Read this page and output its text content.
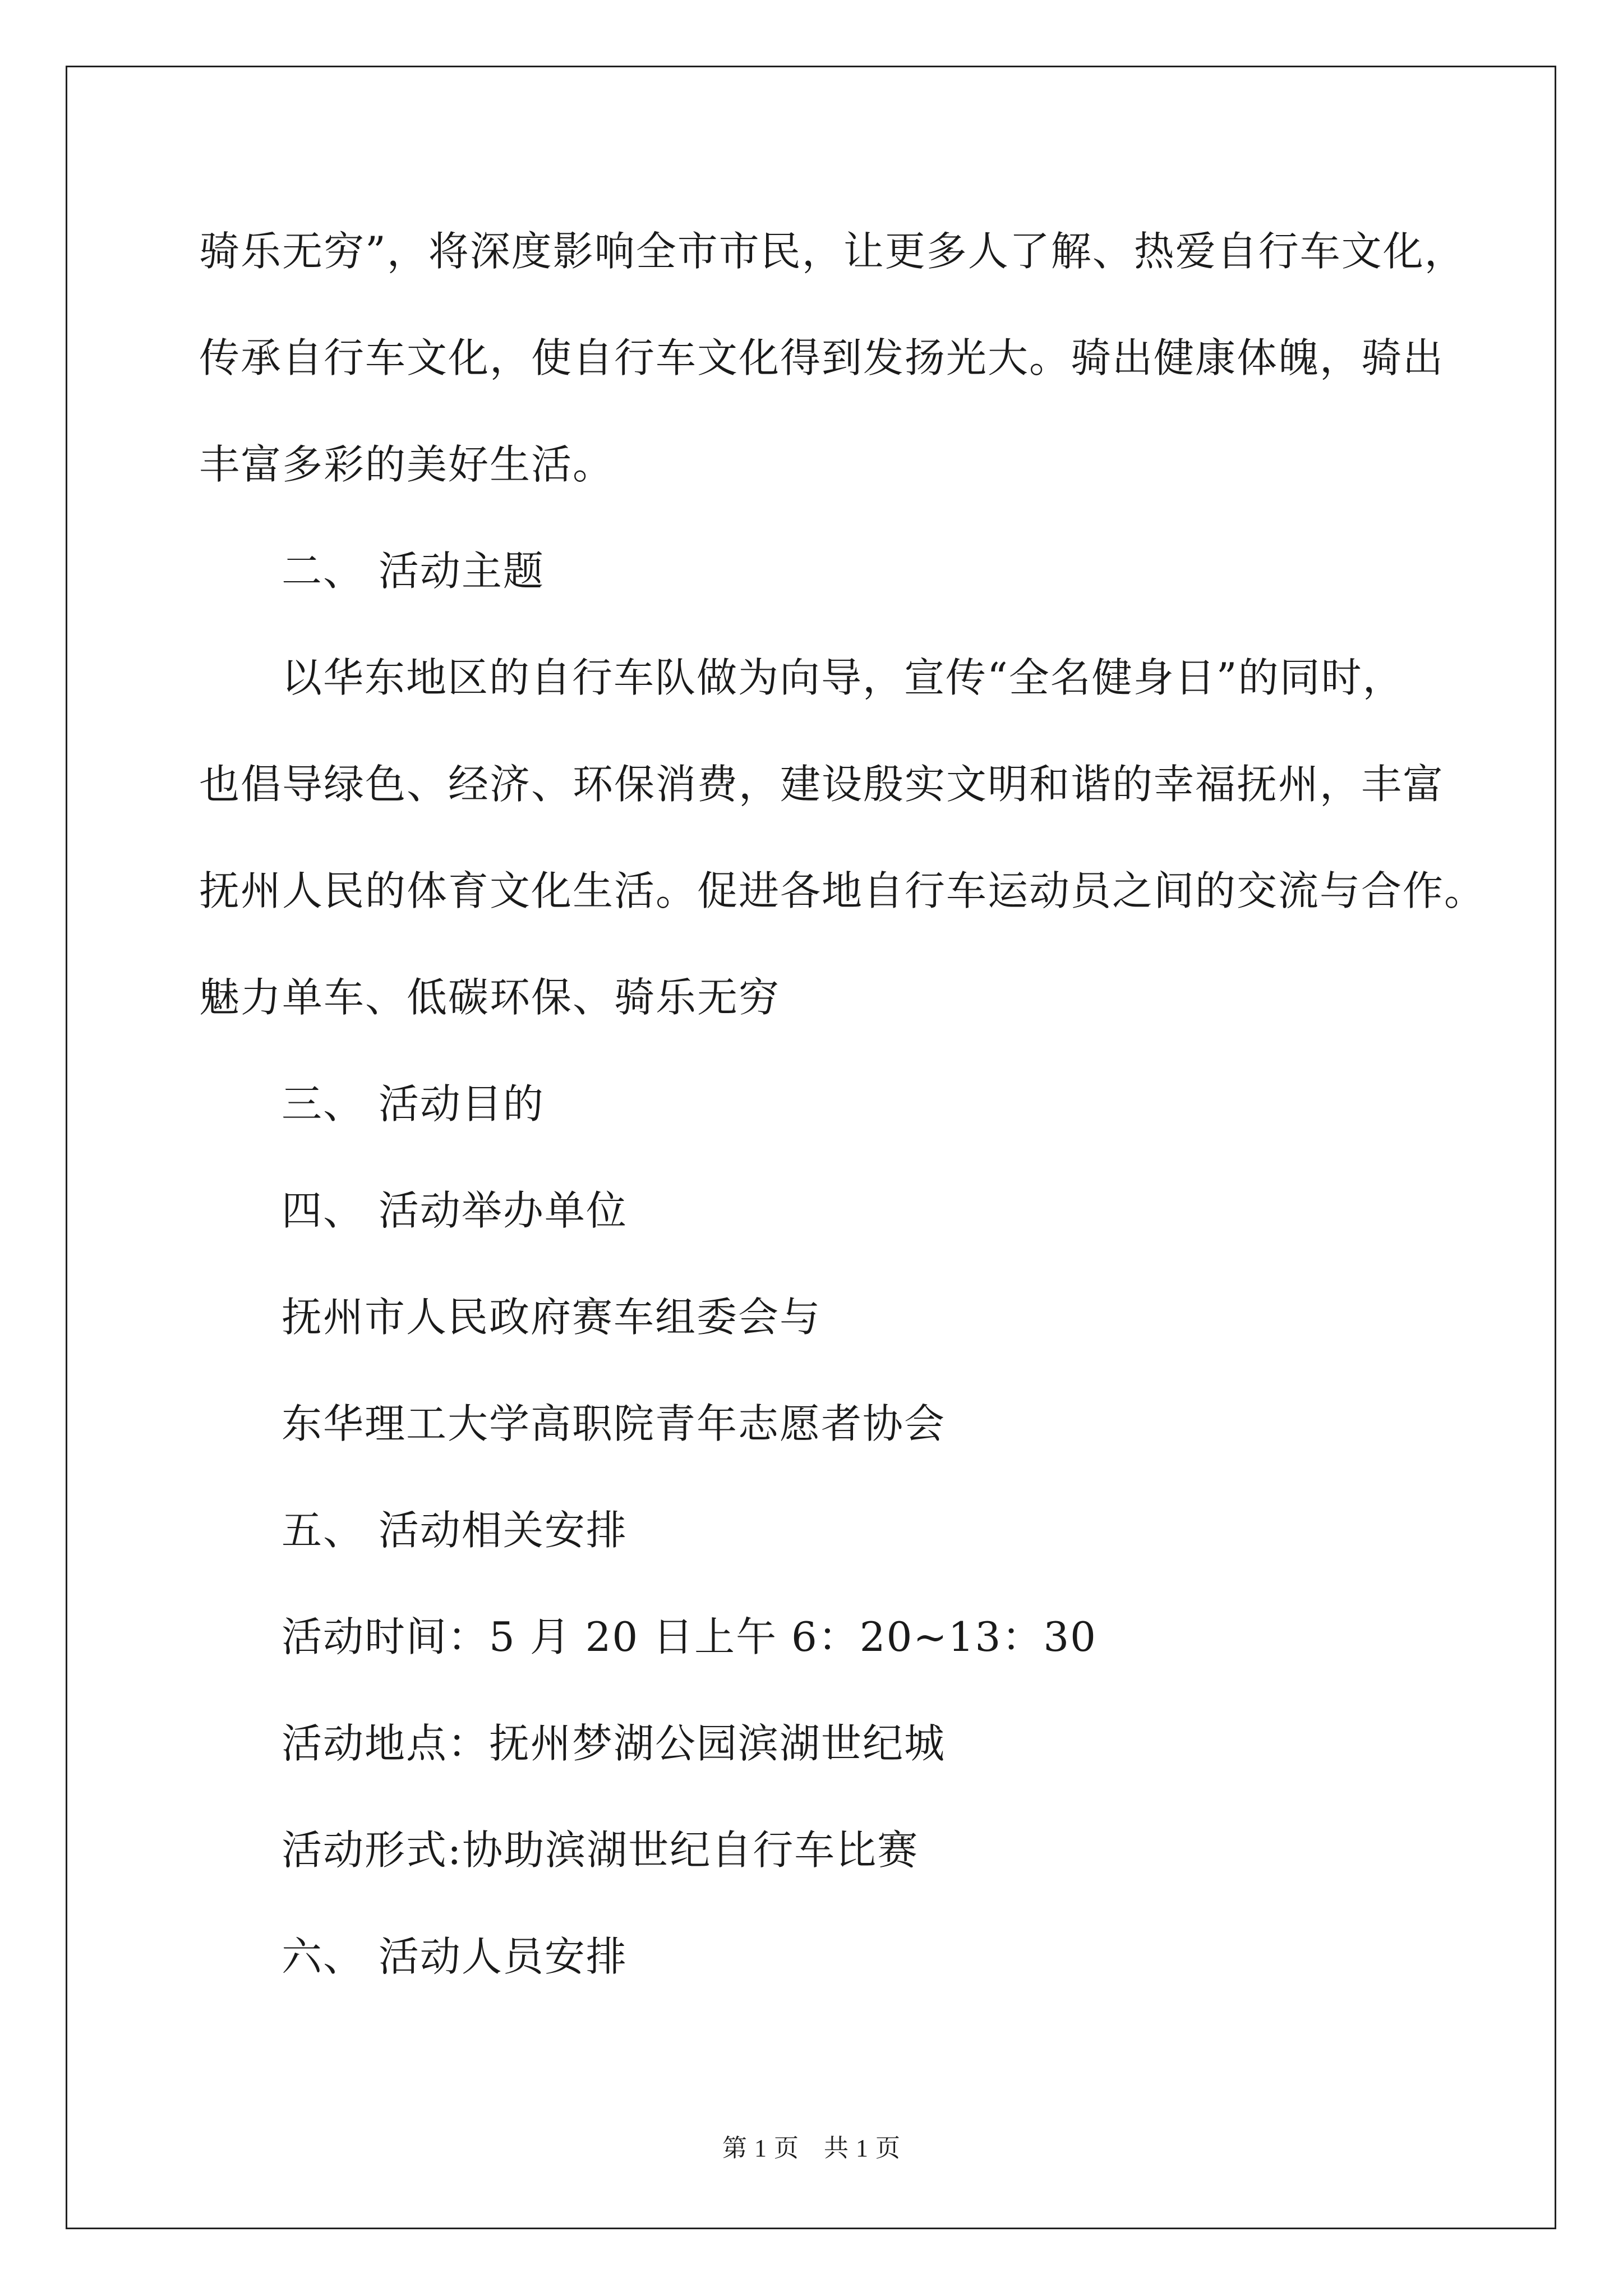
骑乐无穷”，将深度影响全市市民，让更多人了解、热爱自行车文化，
传承自行车文化，使自行车文化得到发扬光大。骑出健康体魄，骑出
丰富多彩的美好生活。
二、 活动主题
以华东地区的自行车队做为向导，宣传“全名健身日”的同时，
也倡导绿色、经济、环保消费，建设殷实文明和谐的幸福抚州，丰富
抚州人民的体育文化生活。促进各地自行车运动员之间的交流与合作。
魅力单车、低碳环保、骑乐无穷
三、 活动目的
四、 活动举办单位
抚州市人民政府赛车组委会与
东华理工大学高职院青年志愿者协会
五、 活动相关安排
活动时间：5 月 20 日上午 6：20~13：30
活动地点：抚州梦湖公园滨湖世纪城
活动形式:协助滨湖世纪自行车比赛
六、 活动人员安排
第 1 页 共 1 页
